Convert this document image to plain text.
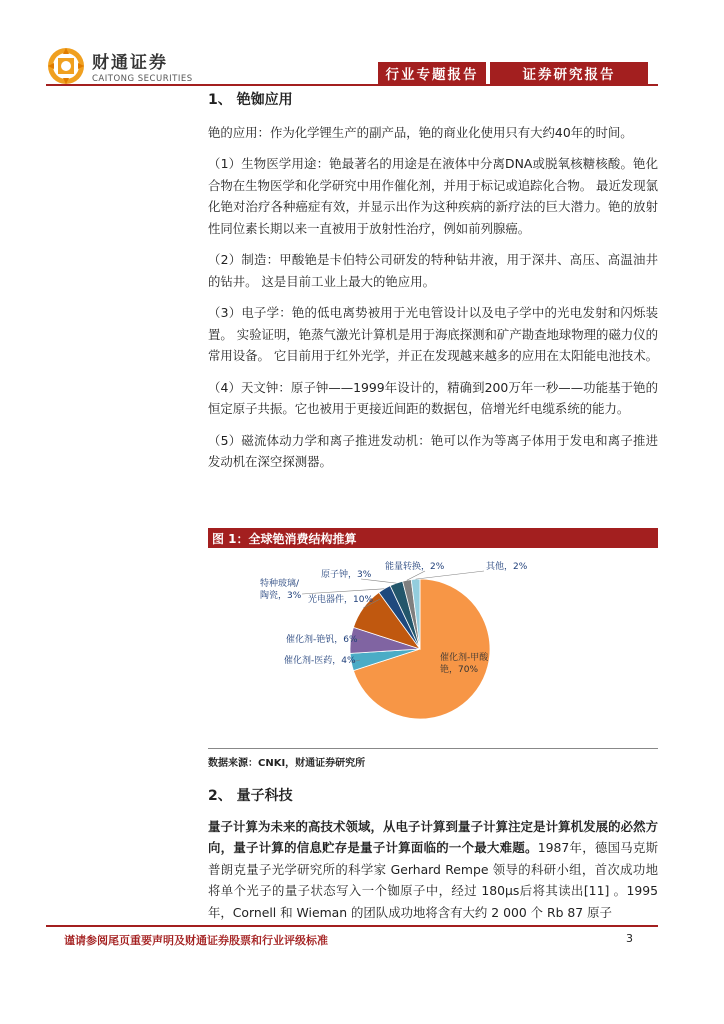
财通证券
CAITONG SECURITIES	行业专题报告	证券研究报告

1、 铯铷应用

铯的应用：作为化学锂生产的副产品，铯的商业化使用只有大约40年的时间。

（1）生物医学用途：铯最著名的用途是在液体中分离DNA或脱氧核糖核酸。铯化合物在生物医学和化学研究中用作催化剂，并用于标记或追踪化合物。 最近发现氯化铯对治疗各种癌症有效，并显示出作为这种疾病的新疗法的巨大潜力。铯的放射性同位素长期以来一直被用于放射性治疗，例如前列腺癌。

（2）制造：甲酸铯是卡伯特公司研发的特种钻井液，用于深井、高压、高温油井的钻井。 这是目前工业上最大的铯应用。

（3）电子学：铯的低电离势被用于光电管设计以及电子学中的光电发射和闪烁装置。 实验证明，铯蒸气激光计算机是用于海底探测和矿产勘查地球物理的磁力仪的常用设备。 它目前用于红外光学，并正在发现越来越多的应用在太阳能电池技术。

（4）天文钟：原子钟——1999年设计的，精确到200万年一秒——功能基于铯的恒定原子共振。它也被用于更接近间距的数据包，倍增光纤电缆系统的能力。

（5）磁流体动力学和离子推进发动机：铯可以作为等离子体用于发电和离子推进发动机在深空探测器。

图 1：全球铯消费结构推算
催化剂-甲酸铯，70%
催化剂-医药，4%
催化剂-铯钒，6%
光电器件，10%
特种玻璃/陶瓷，3%
原子钟，3%
能量转换，2%	其他，2%
数据来源：CNKI，财通证券研究所

2、 量子科技

量子计算为未来的高技术领域，从电子计算到量子计算注定是计算机发展的必然方向，量子计算的信息贮存是量子计算面临的一个最大难题。1987年，德国马克斯普朗克量子光学研究所的科学家 Gerhard Rempe 领导的科研小组，首次成功地将单个光子的量子状态写入一个铷原子中，经过 180μs后将其读出[11] 。1995 年，Cornell 和 Wieman 的团队成功地将含有大约 2 000 个 Rb 87 原子

谨请参阅尾页重要声明及财通证券股票和行业评级标准	3
